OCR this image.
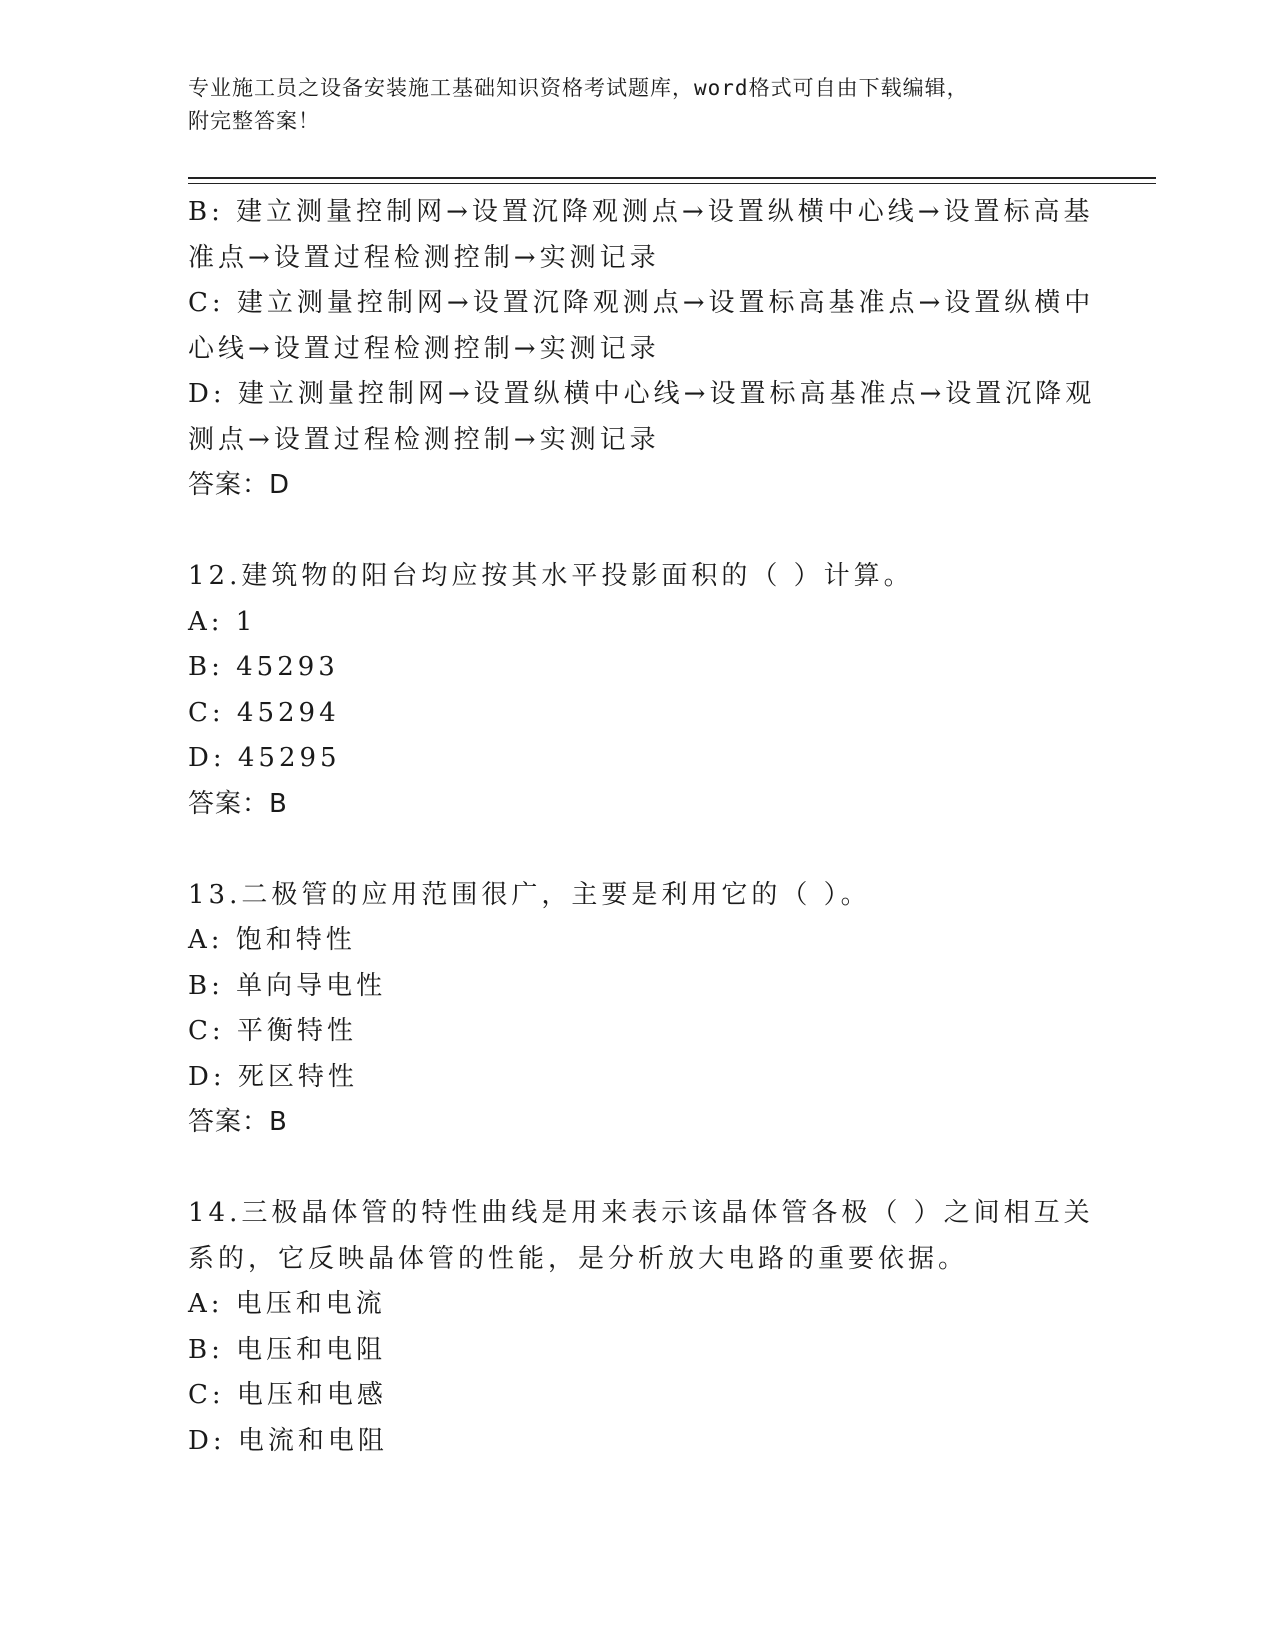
专业施工员之设备安装施工基础知识资格考试题库，word格式可自由下载编辑，
附完整答案！
B: 建立测量控制网→设置沉降观测点→设置纵横中心线→设置标高基
准点→设置过程检测控制→实测记录
C: 建立测量控制网→设置沉降观测点→设置标高基准点→设置纵横中
心线→设置过程检测控制→实测记录
D: 建立测量控制网→设置纵横中心线→设置标高基准点→设置沉降观
测点→设置过程检测控制→实测记录
答案：D
12.建筑物的阳台均应按其水平投影面积的（ ）计算。
A: 1
B: 45293
C: 45294
D: 45295
答案：B
13.二极管的应用范围很广，主要是利用它的（ ）。
A: 饱和特性
B: 单向导电性
C: 平衡特性
D: 死区特性
答案：B
14.三极晶体管的特性曲线是用来表示该晶体管各极（ ）之间相互关
系的，它反映晶体管的性能，是分析放大电路的重要依据。
A: 电压和电流
B: 电压和电阻
C: 电压和电感
D: 电流和电阻
